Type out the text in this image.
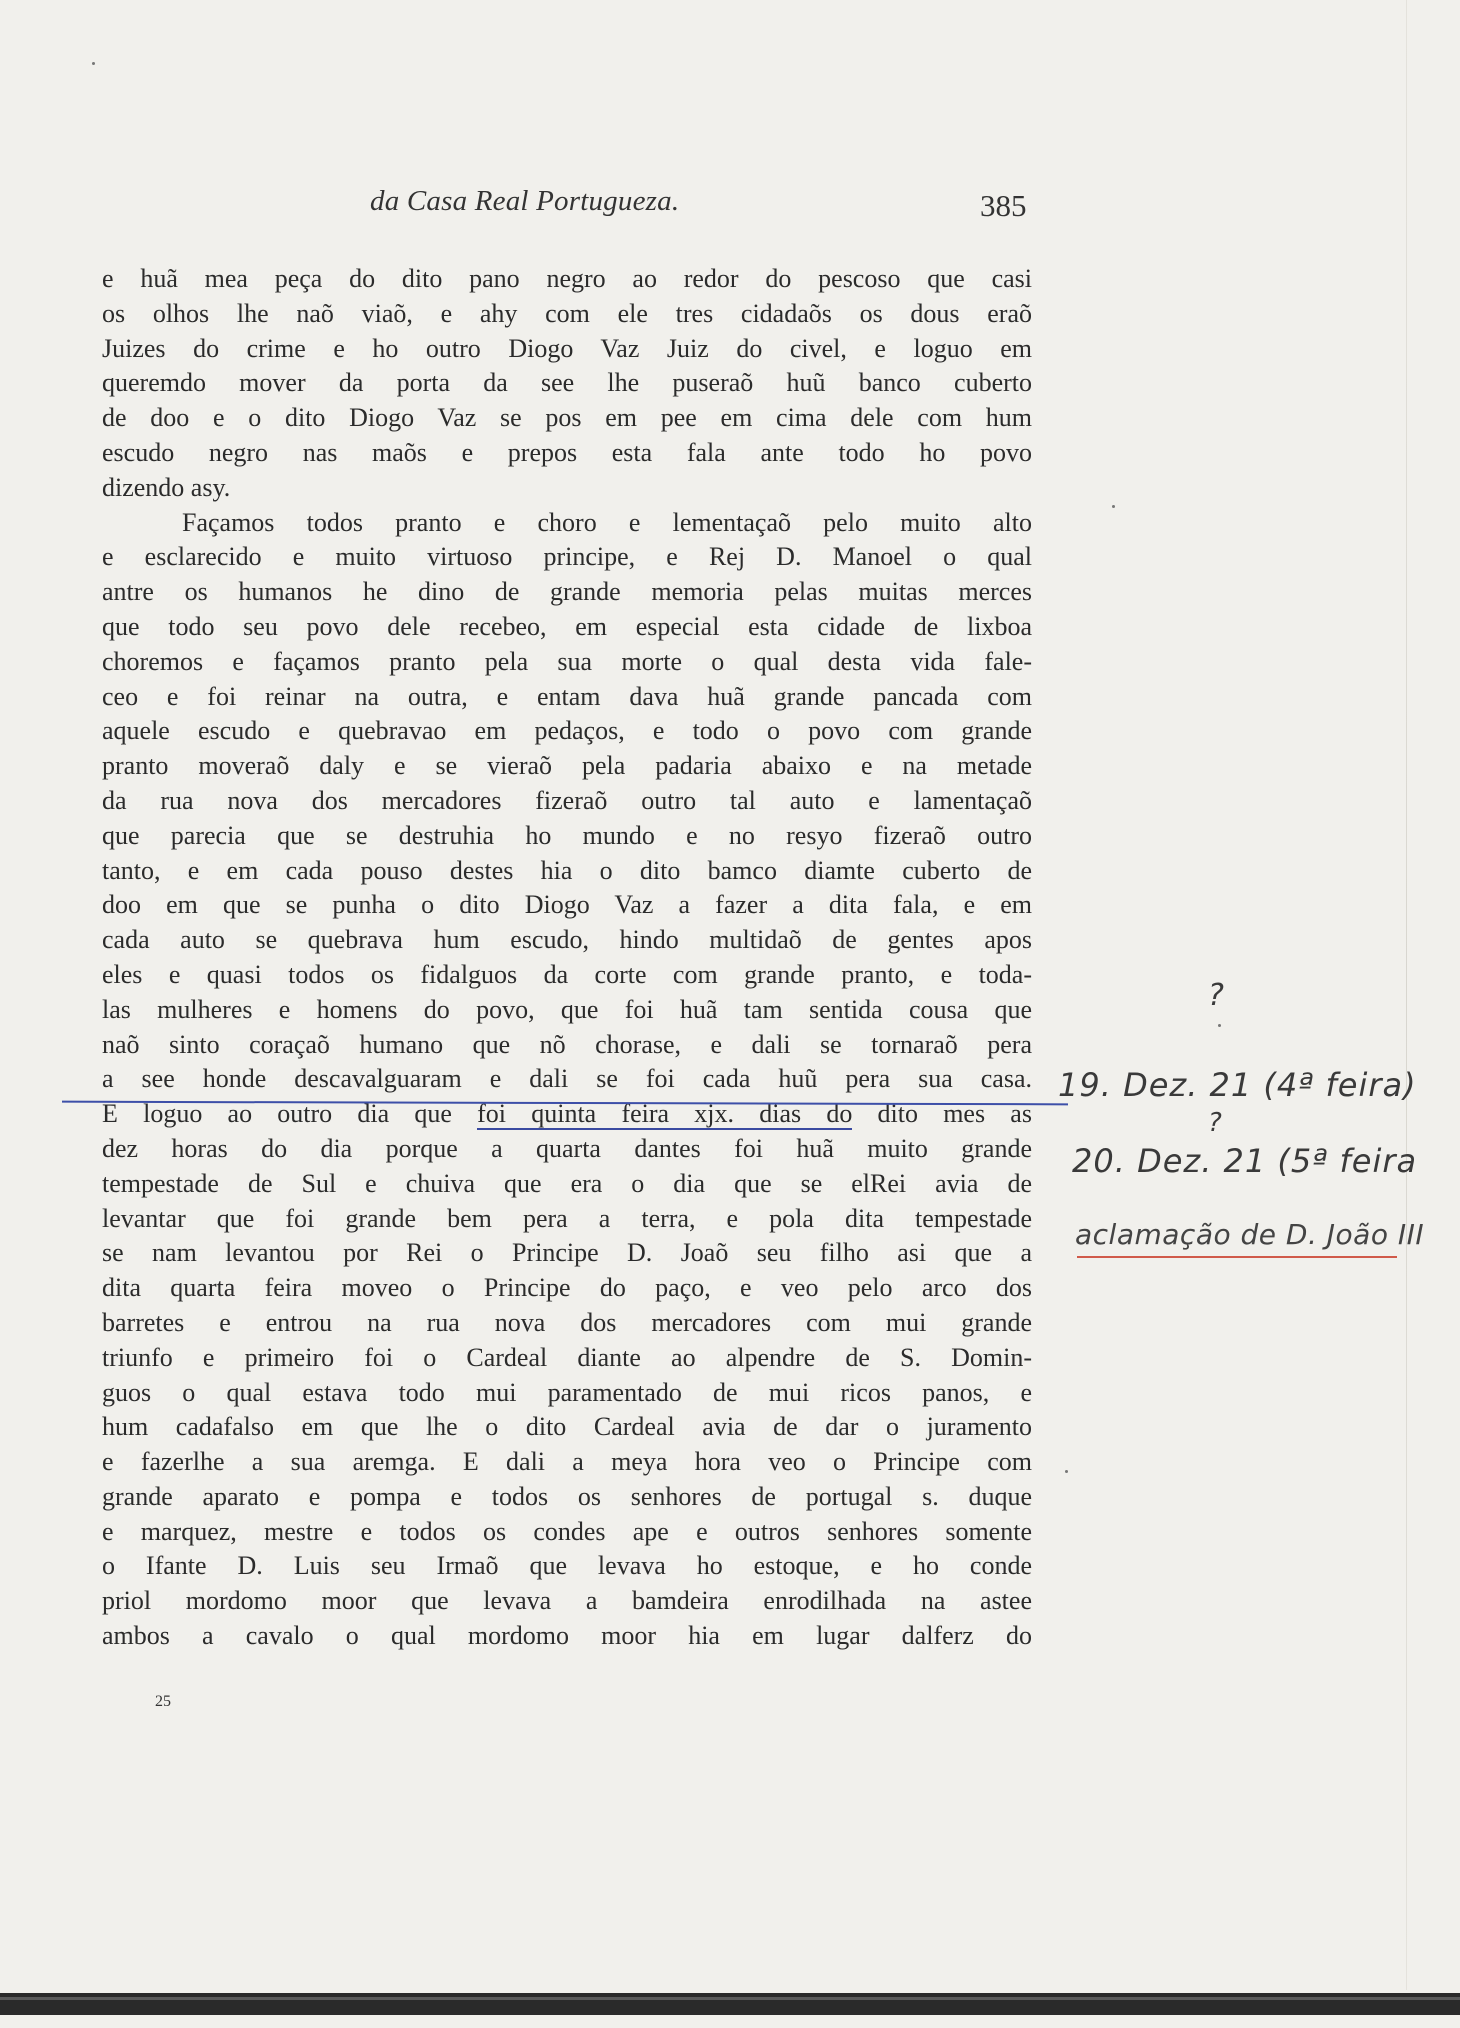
da Casa Real Portugueza.	385
e huã mea peça do dito pano negro ao redor do pescoso que casi
os olhos lhe naõ viaõ, e ahy com ele tres cidadaõs os dous eraõ
Juizes do crime e ho outro Diogo Vaz Juiz do civel, e loguo em
queremdo mover da porta da see lhe puseraõ huũ banco cuberto
de doo e o dito Diogo Vaz se pos em pee em cima dele com hum
escudo negro nas maõs e prepos esta fala ante todo ho povo
dizendo asy.
Façamos todos pranto e choro e lementaçaõ pelo muito alto
e esclarecido e muito virtuoso principe, e Rej D. Manoel o qual
antre os humanos he dino de grande memoria pelas muitas merces
que todo seu povo dele recebeo, em especial esta cidade de lixboa
choremos e façamos pranto pela sua morte o qual desta vida fale-
ceo e foi reinar na outra, e entam dava huã grande pancada com
aquele escudo e quebravao em pedaços, e todo o povo com grande
pranto moveraõ daly e se vieraõ pela padaria abaixo e na metade
da rua nova dos mercadores fizeraõ outro tal auto e lamentaçaõ
que parecia que se destruhia ho mundo e no resyo fizeraõ outro
tanto, e em cada pouso destes hia o dito bamco diamte cuberto de
doo em que se punha o dito Diogo Vaz a fazer a dita fala, e em
cada auto se quebrava hum escudo, hindo multidaõ de gentes apos
eles e quasi todos os fidalguos da corte com grande pranto, e toda-
las mulheres e homens do povo, que foi huã tam sentida cousa que
naõ sinto coraçaõ humano que nõ chorase, e dali se tornaraõ pera
a see honde descavalguaram e dali se foi cada huũ pera sua casa.
E loguo ao outro dia que foi quinta feira xjx. dias do dito mes as
dez horas do dia porque a quarta dantes foi huã muito grande
tempestade de Sul e chuiva que era o dia que se elRei avia de
levantar que foi grande bem pera a terra, e pola dita tempestade
se nam levantou por Rei o Principe D. Joaõ seu filho asi que a
dita quarta feira moveo o Principe do paço, e veo pelo arco dos
barretes e entrou na rua nova dos mercadores com mui grande
triunfo e primeiro foi o Cardeal diante ao alpendre de S. Domin-
guos o qual estava todo mui paramentado de mui ricos panos, e
hum cadafalso em que lhe o dito Cardeal avia de dar o juramento
e fazerlhe a sua aremga. E dali a meya hora veo o Principe com
grande aparato e pompa e todos os senhores de portugal s. duque
e marquez, mestre e todos os condes ape e outros senhores somente
o Ifante D. Luis seu Irmaõ que levava ho estoque, e ho conde
priol mordomo moor que levava a bamdeira enrodilhada na astee
ambos a cavalo o qual mordomo moor hia em lugar dalferz do
25
?
19. Dez. 21 (4ª feira)
?
20. Dez. 21 (5ª feira
aclamação de D. João III
